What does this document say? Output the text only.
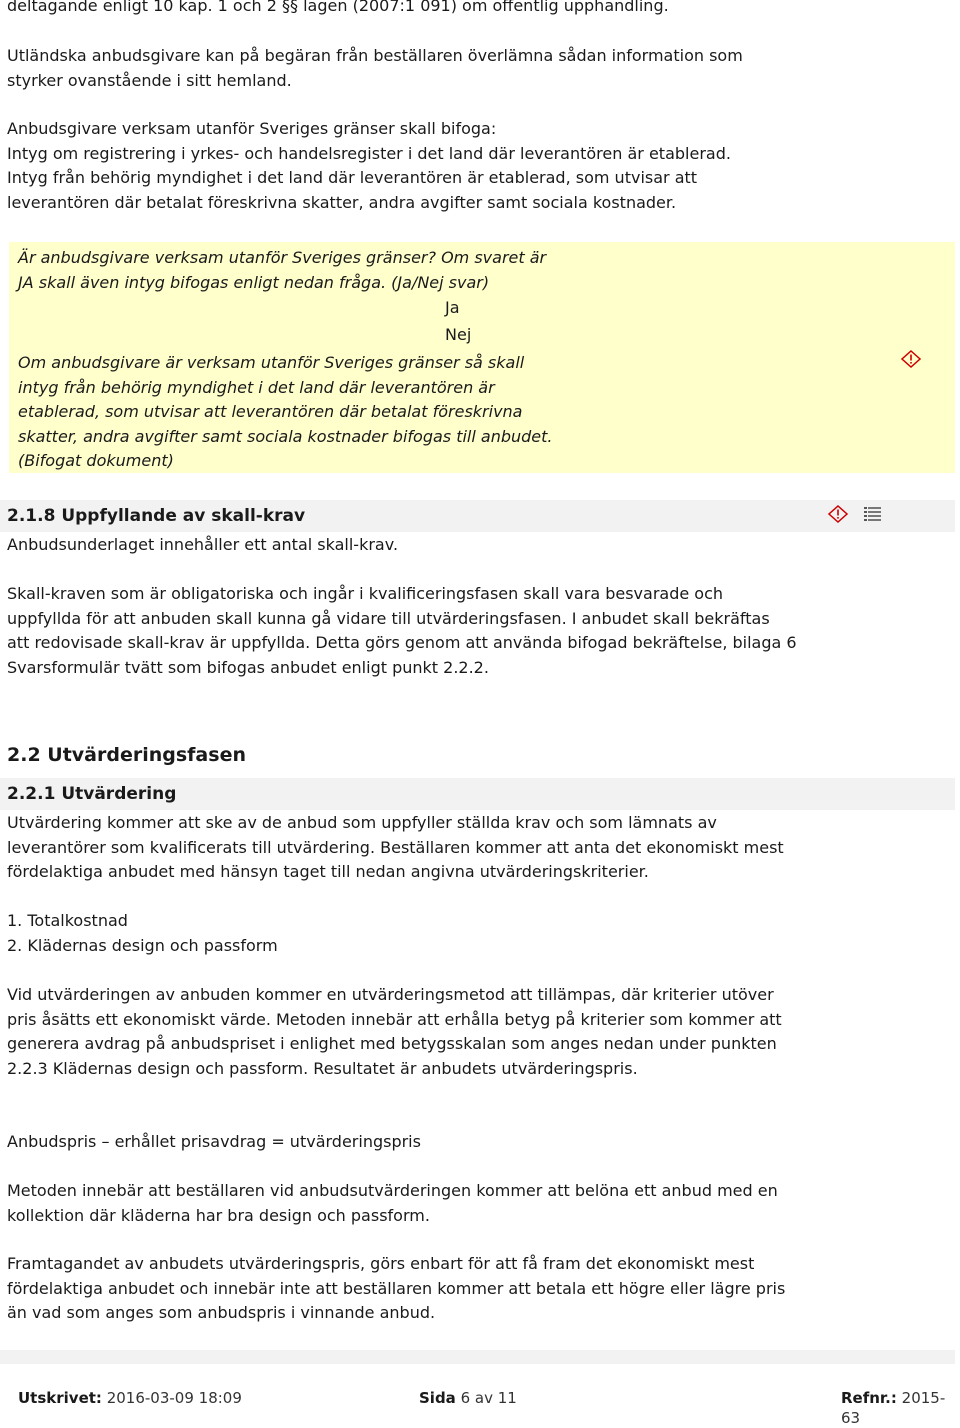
deltagande enligt 10 kap. 1 och 2 §§ lagen (2007:1 091) om offentlig upphandling.

Utländska anbudsgivare kan på begäran från beställaren överlämna sådan information som styrker ovanstående i sitt hemland.

Anbudsgivare verksam utanför Sveriges gränser skall bifoga:
Intyg om registrering i yrkes- och handelsregister i det land där leverantören är etablerad.
Intyg från behörig myndighet i det land där leverantören är etablerad, som utvisar att leverantören där betalat föreskrivna skatter, andra avgifter samt sociala kostnader.
Är anbudsgivare verksam utanför Sveriges gränser? Om svaret är JA skall även intyg bifogas enligt nedan fråga. (Ja/Nej svar)
Ja
Nej
Om anbudsgivare är verksam utanför Sveriges gränser så skall intyg från behörig myndighet i det land där leverantören är etablerad, som utvisar att leverantören där betalat föreskrivna skatter, andra avgifter samt sociala kostnader bifogas till anbudet. (Bifogat dokument)
2.1.8 Uppfyllande av skall-krav

Anbudsunderlaget innehåller ett antal skall-krav.

Skall-kraven som är obligatoriska och ingår i kvalificeringsfasen skall vara besvarade och uppfyllda för att anbuden skall kunna gå vidare till utvärderingsfasen. I anbudet skall bekräftas att redovisade skall-krav är uppfyllda. Detta görs genom att använda bifogad bekräftelse, bilaga 6 Svarsformulär tvätt som bifogas anbudet enligt punkt 2.2.2.

2.2 Utvärderingsfasen
2.2.1 Utvärdering

Utvärdering kommer att ske av de anbud som uppfyller ställda krav och som lämnats av leverantörer som kvalificerats till utvärdering. Beställaren kommer att anta det ekonomiskt mest fördelaktiga anbudet med hänsyn taget till nedan angivna utvärderingskriterier.

1. Totalkostnad
2. Klädernas design och passform

Vid utvärderingen av anbuden kommer en utvärderingsmetod att tillämpas, där kriterier utöver pris åsätts ett ekonomiskt värde. Metoden innebär att erhålla betyg på kriterier som kommer att generera avdrag på anbudspriset i enlighet med betygsskalan som anges nedan under punkten 2.2.3 Klädernas design och passform. Resultatet är anbudets utvärderingspris.

Anbudspris – erhållet prisavdrag = utvärderingspris

Metoden innebär att beställaren vid anbudsutvärderingen kommer att belöna ett anbud med en kollektion där kläderna har bra design och passform.

Framtagandet av anbudets utvärderingspris, görs enbart för att få fram det ekonomiskt mest fördelaktiga anbudet och innebär inte att beställaren kommer att betala ett högre eller lägre pris än vad som anges som anbudspris i vinnande anbud.

Utskrivet: 2016-03-09 18:09	Sida 6 av 11	Refnr.: 2015-63
